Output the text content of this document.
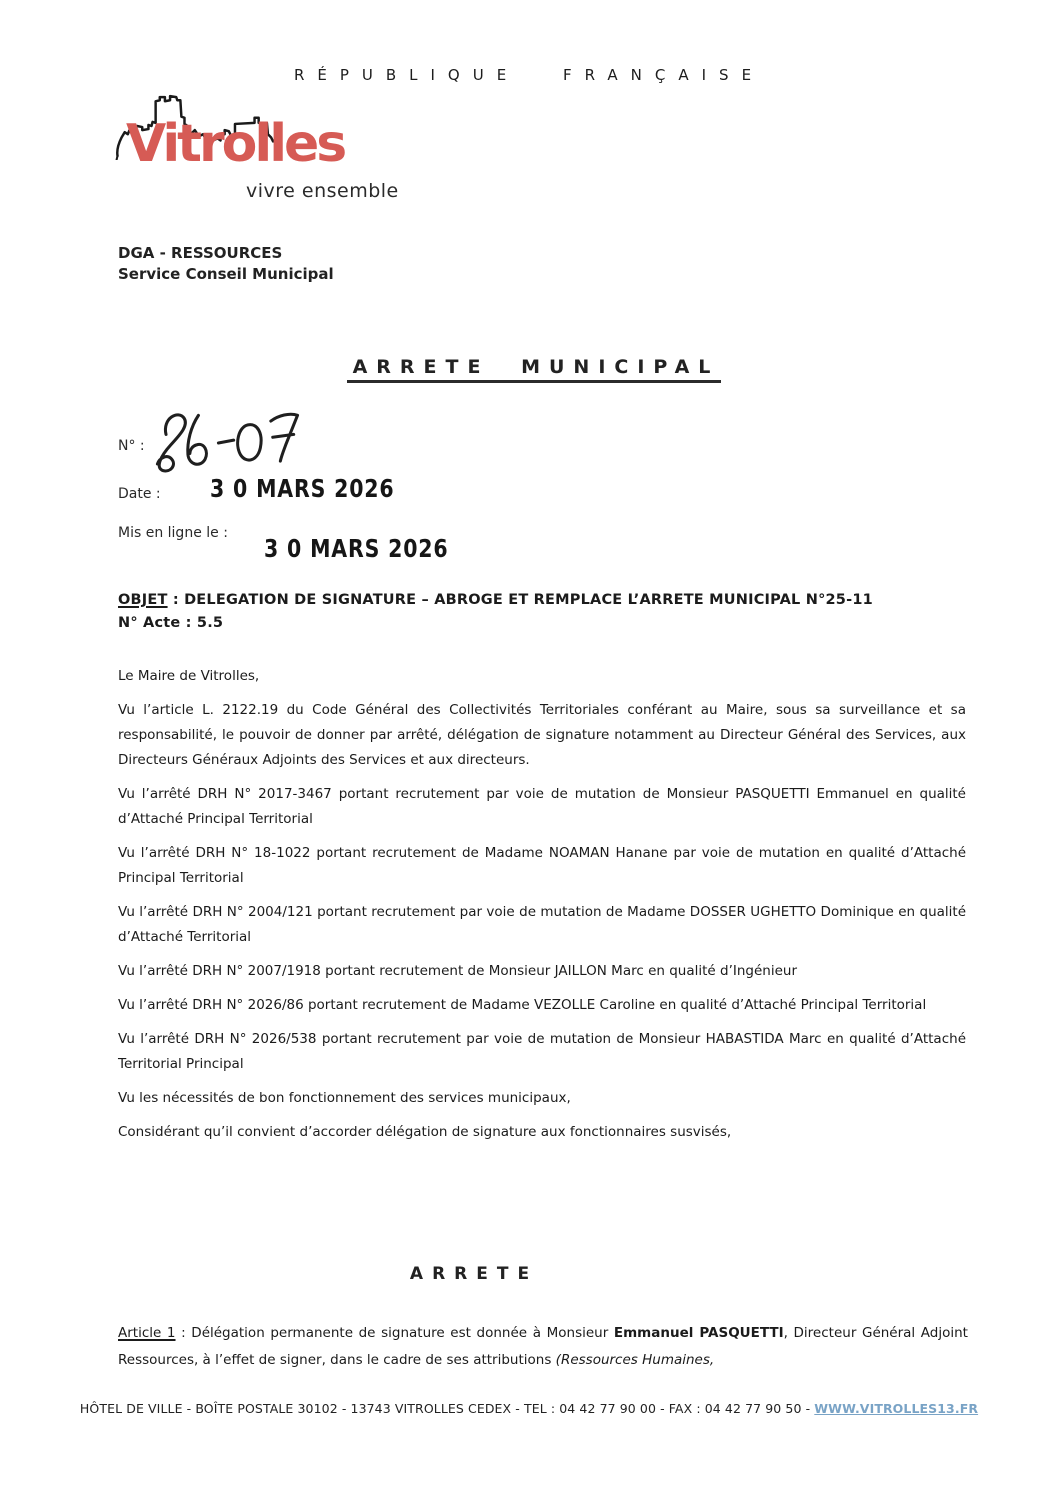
RÉPUBLIQUE FRANÇAISE
Vitrolles
vivre ensemble
DGA - RESSOURCES
Service Conseil Municipal
ARRETE MUNICIPAL
N° :
Date : 3 0 MARS 2026
Mis en ligne le :
3 0 MARS 2026
OBJET : DELEGATION DE SIGNATURE – ABROGE ET REMPLACE L’ARRETE MUNICIPAL N°25-11
N° Acte : 5.5

Le Maire de Vitrolles,

Vu l’article L. 2122.19 du Code Général des Collectivités Territoriales conférant au Maire, sous sa surveillance et sa responsabilité, le pouvoir de donner par arrêté, délégation de signature notamment au Directeur Général des Services, aux Directeurs Généraux Adjoints des Services et aux directeurs.

Vu l’arrêté DRH N° 2017-3467 portant recrutement par voie de mutation de Monsieur PASQUETTI Emmanuel en qualité d’Attaché Principal Territorial

Vu l’arrêté DRH N° 18-1022 portant recrutement de Madame NOAMAN Hanane par voie de mutation en qualité d’Attaché Principal Territorial

Vu l’arrêté DRH N° 2004/121 portant recrutement par voie de mutation de Madame DOSSER UGHETTO Dominique en qualité d’Attaché Territorial

Vu l’arrêté DRH N° 2007/1918 portant recrutement de Monsieur JAILLON Marc en qualité d’Ingénieur

Vu l’arrêté DRH N° 2026/86 portant recrutement de Madame VEZOLLE Caroline en qualité d’Attaché Principal Territorial

Vu l’arrêté DRH N° 2026/538 portant recrutement par voie de mutation de Monsieur HABASTIDA Marc en qualité d’Attaché Territorial Principal

Vu les nécessités de bon fonctionnement des services municipaux,

Considérant qu’il convient d’accorder délégation de signature aux fonctionnaires susvisés,

ARRETE
Article 1 : Délégation permanente de signature est donnée à Monsieur Emmanuel PASQUETTI, Directeur Général Adjoint Ressources, à l’effet de signer, dans le cadre de ses attributions (Ressources Humaines,
HÔTEL DE VILLE - BOÎTE POSTALE 30102 - 13743 VITROLLES CEDEX - TEL : 04 42 77 90 00 - FAX : 04 42 77 90 50 - WWW.VITROLLES13.FR
